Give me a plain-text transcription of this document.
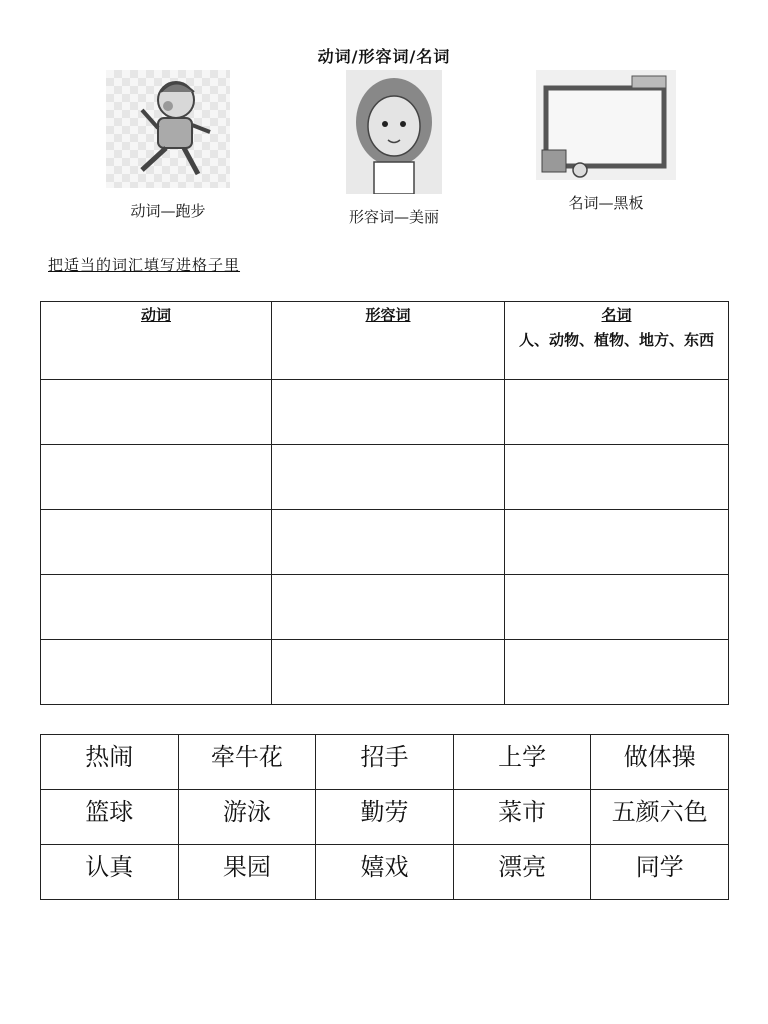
动词/形容词/名词
动词—跑步	形容词—美丽
名词—黑板
把适当的词汇填写进格子里
动词	形容词	名词
人、动物、植物、地方、东西

热闹	牵牛花	招手	上学	做体操
篮球	游泳	勤劳	菜市	五颜六色
认真	果园	嬉戏	漂亮	同学
